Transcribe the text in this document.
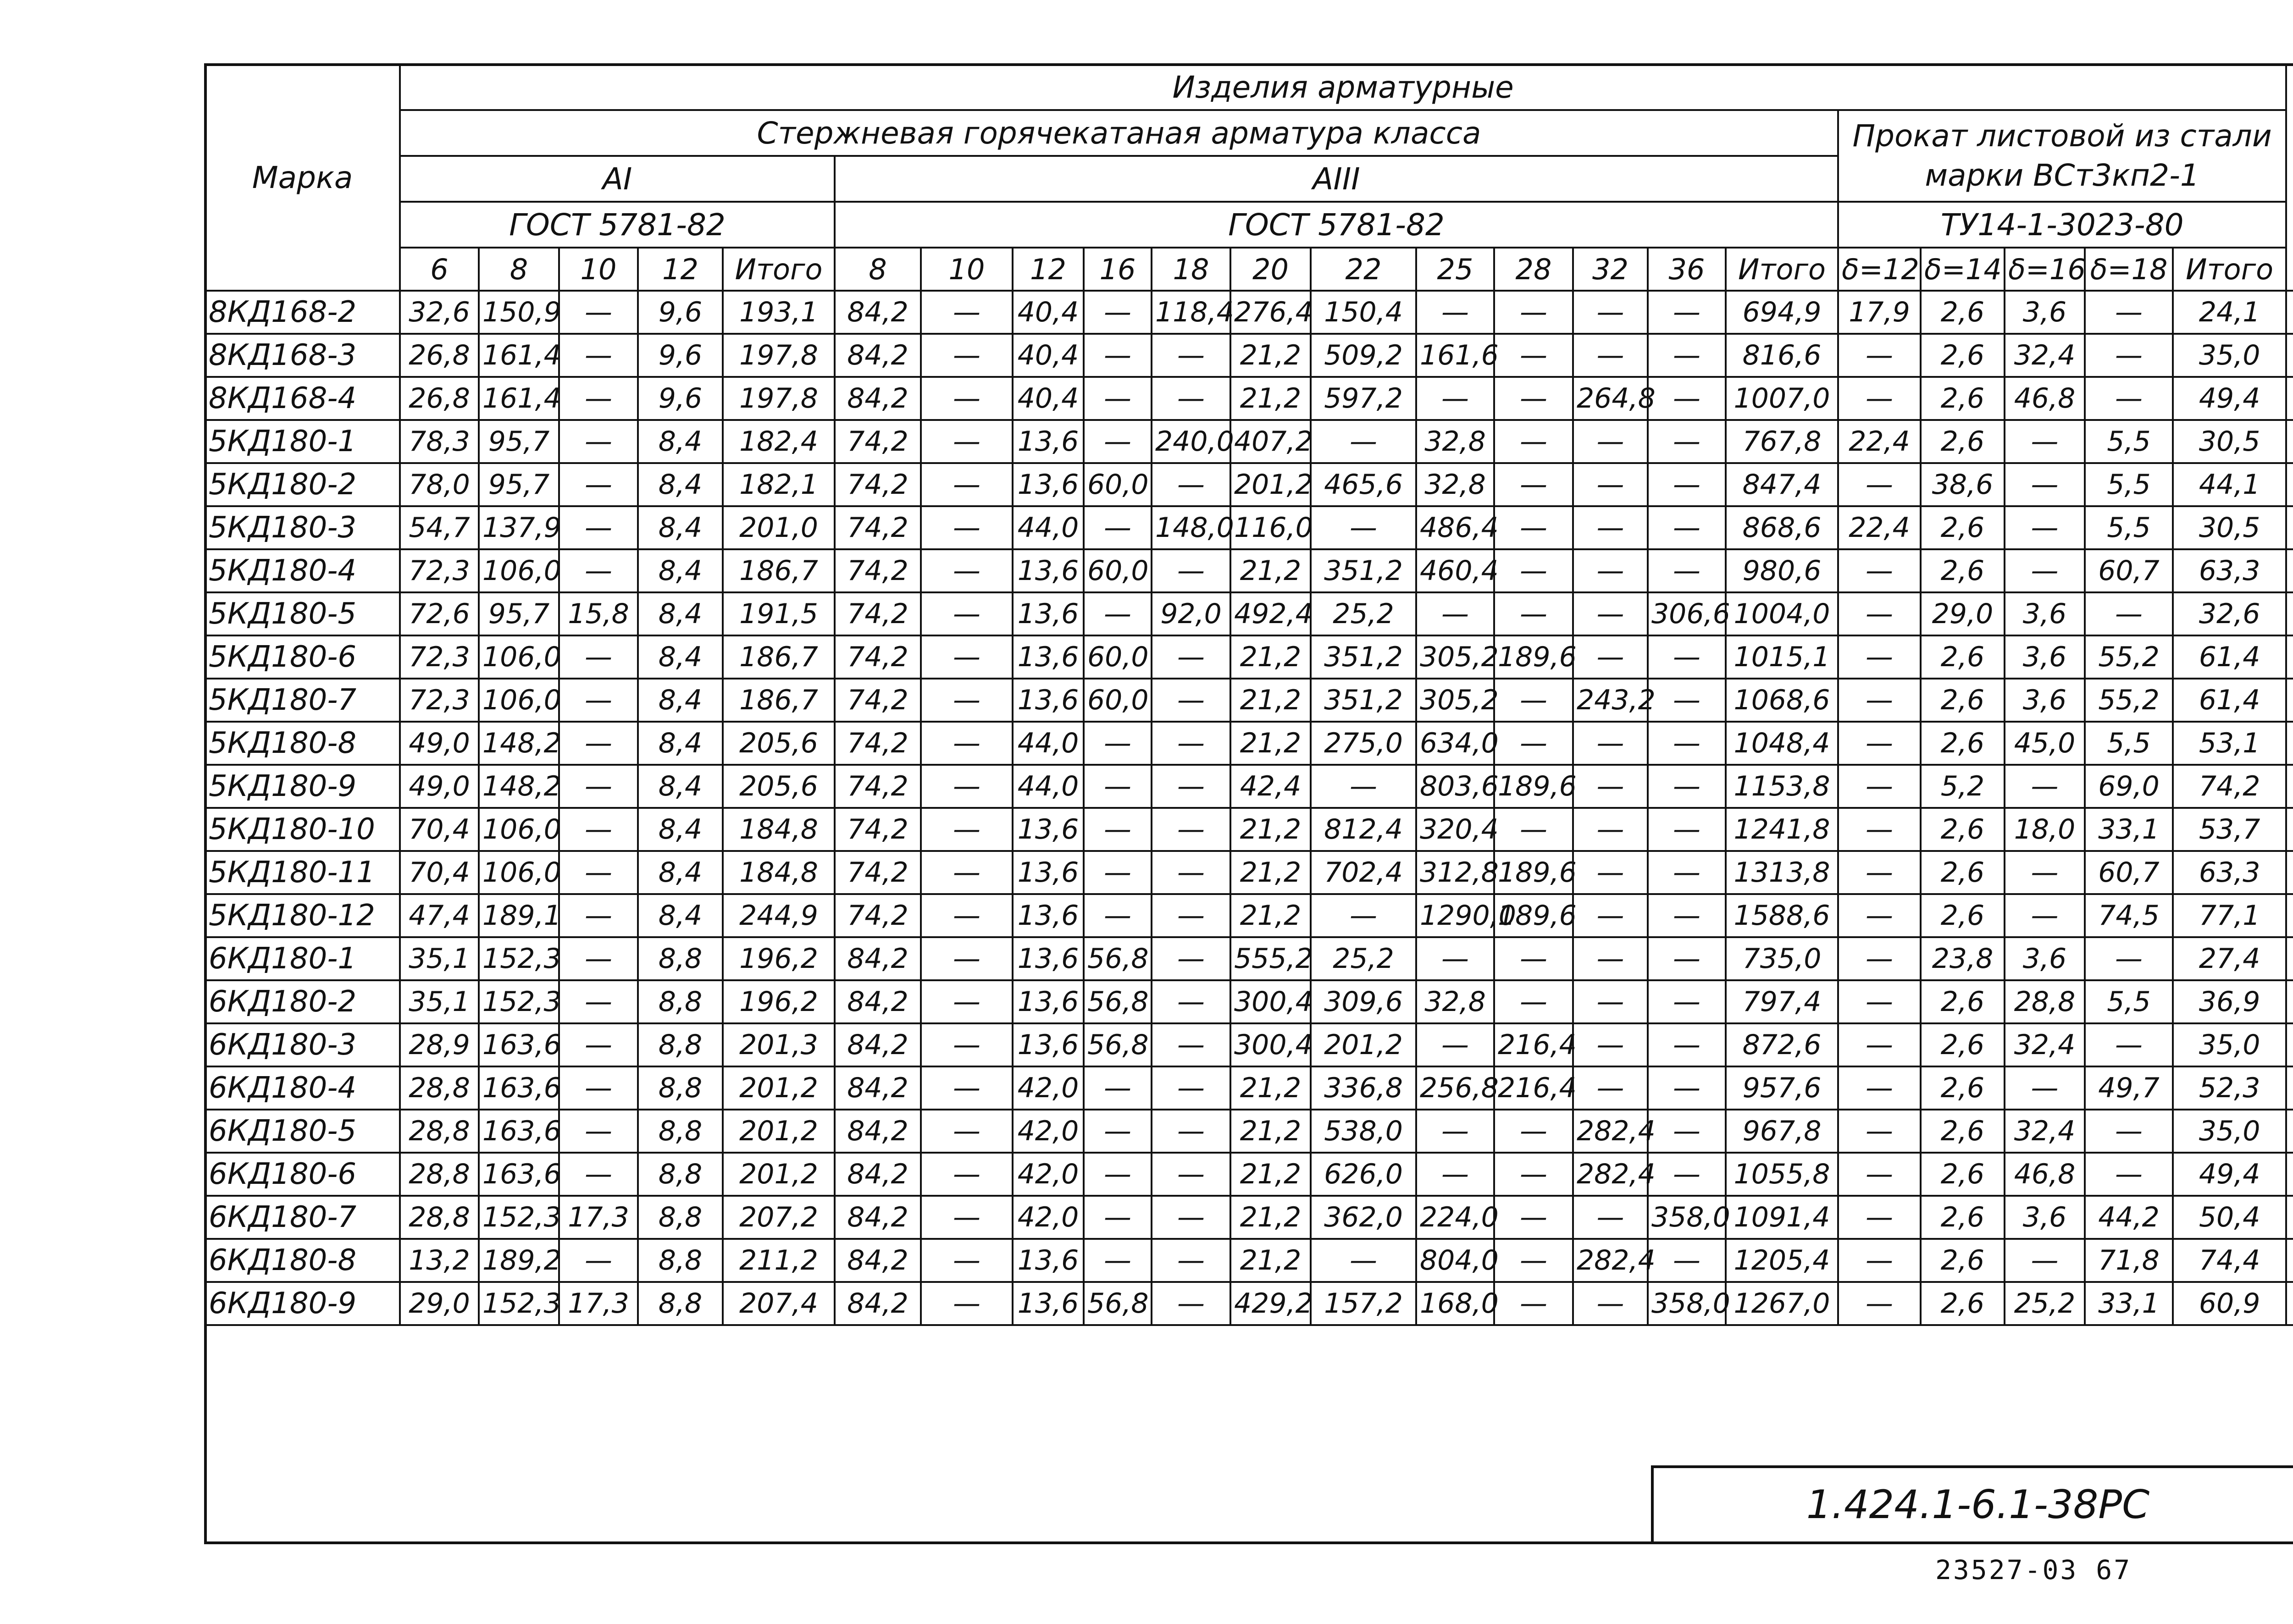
Марка	Изделия арматурные	
	Стержневая горячекатаная арматура класса																	Прокат листовой из стали марки ВСт3кп2-1					
	АI					АIII																	
	ГОСТ 5781-82					ГОСТ 5781-82												ТУ14-1-3023-80					
	6	8	10	12	Итого	8	10	12	16	18	20	22	25	28	32	36	Итого	δ=12	δ=14	δ=16	δ=18	Итого	
8КД168-2	32,6	150,9	—	9,6	193,1	84,2	—	40,4	—	118,4	276,4	150,4	—	—	—	—	694,9	17,9	2,6	3,6	—	24,1	
8КД168-3	26,8	161,4	—	9,6	197,8	84,2	—	40,4	—	—	21,2	509,2	161,6	—	—	—	816,6	—	2,6	32,4	—	35,0	
8КД168-4	26,8	161,4	—	9,6	197,8	84,2	—	40,4	—	—	21,2	597,2	—	—	264,8	—	1007,0	—	2,6	46,8	—	49,4	
5КД180-1	78,3	95,7	—	8,4	182,4	74,2	—	13,6	—	240,0	407,2	—	32,8	—	—	—	767,8	22,4	2,6	—	5,5	30,5	
5КД180-2	78,0	95,7	—	8,4	182,1	74,2	—	13,6	60,0	—	201,2	465,6	32,8	—	—	—	847,4	—	38,6	—	5,5	44,1	
5КД180-3	54,7	137,9	—	8,4	201,0	74,2	—	44,0	—	148,0	116,0	—	486,4	—	—	—	868,6	22,4	2,6	—	5,5	30,5	
5КД180-4	72,3	106,0	—	8,4	186,7	74,2	—	13,6	60,0	—	21,2	351,2	460,4	—	—	—	980,6	—	2,6	—	60,7	63,3	
5КД180-5	72,6	95,7	15,8	8,4	191,5	74,2	—	13,6	—	92,0	492,4	25,2	—	—	—	306,6	1004,0	—	29,0	3,6	—	32,6	
5КД180-6	72,3	106,0	—	8,4	186,7	74,2	—	13,6	60,0	—	21,2	351,2	305,2	189,6	—	—	1015,1	—	2,6	3,6	55,2	61,4	
5КД180-7	72,3	106,0	—	8,4	186,7	74,2	—	13,6	60,0	—	21,2	351,2	305,2	—	243,2	—	1068,6	—	2,6	3,6	55,2	61,4	
5КД180-8	49,0	148,2	—	8,4	205,6	74,2	—	44,0	—	—	21,2	275,0	634,0	—	—	—	1048,4	—	2,6	45,0	5,5	53,1	
5КД180-9	49,0	148,2	—	8,4	205,6	74,2	—	44,0	—	—	42,4	—	803,6	189,6	—	—	1153,8	—	5,2	—	69,0	74,2	
5КД180-10	70,4	106,0	—	8,4	184,8	74,2	—	13,6	—	—	21,2	812,4	320,4	—	—	—	1241,8	—	2,6	18,0	33,1	53,7	
5КД180-11	70,4	106,0	—	8,4	184,8	74,2	—	13,6	—	—	21,2	702,4	312,8	189,6	—	—	1313,8	—	2,6	—	60,7	63,3	
5КД180-12	47,4	189,1	—	8,4	244,9	74,2	—	13,6	—	—	21,2	—	1290,0	189,6	—	—	1588,6	—	2,6	—	74,5	77,1	
6КД180-1	35,1	152,3	—	8,8	196,2	84,2	—	13,6	56,8	—	555,2	25,2	—	—	—	—	735,0	—	23,8	3,6	—	27,4	
6КД180-2	35,1	152,3	—	8,8	196,2	84,2	—	13,6	56,8	—	300,4	309,6	32,8	—	—	—	797,4	—	2,6	28,8	5,5	36,9	
6КД180-3	28,9	163,6	—	8,8	201,3	84,2	—	13,6	56,8	—	300,4	201,2	—	216,4	—	—	872,6	—	2,6	32,4	—	35,0	
6КД180-4	28,8	163,6	—	8,8	201,2	84,2	—	42,0	—	—	21,2	336,8	256,8	216,4	—	—	957,6	—	2,6	—	49,7	52,3	
6КД180-5	28,8	163,6	—	8,8	201,2	84,2	—	42,0	—	—	21,2	538,0	—	—	282,4	—	967,8	—	2,6	32,4	—	35,0	
6КД180-6	28,8	163,6	—	8,8	201,2	84,2	—	42,0	—	—	21,2	626,0	—	—	282,4	—	1055,8	—	2,6	46,8	—	49,4	
6КД180-7	28,8	152,3	17,3	8,8	207,2	84,2	—	42,0	—	—	21,2	362,0	224,0	—	—	358,0	1091,4	—	2,6	3,6	44,2	50,4	
6КД180-8	13,2	189,2	—	8,8	211,2	84,2	—	13,6	—	—	21,2	—	804,0	—	282,4	—	1205,4	—	2,6	—	71,8	74,4	
6КД180-9	29,0	152,3	17,3	8,8	207,4	84,2	—	13,6	56,8	—	429,2	157,2	168,0	—	—	358,0	1267,0	—	2,6	25,2	33,1	60,9	

1.424.1-6.1-38РС
23527-03 67
